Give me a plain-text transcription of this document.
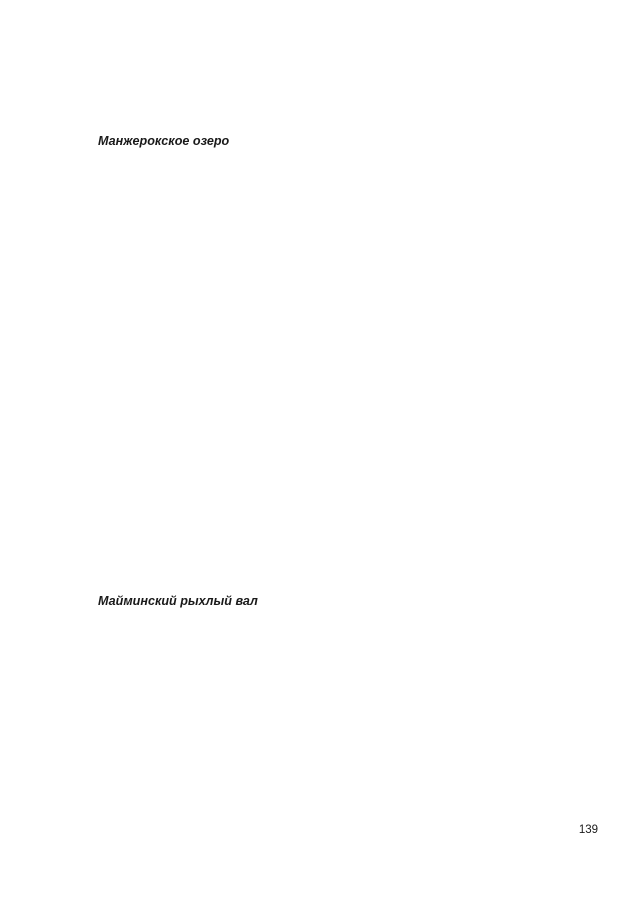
Манжерокское озеро
Майминский рыхлый вал
139
